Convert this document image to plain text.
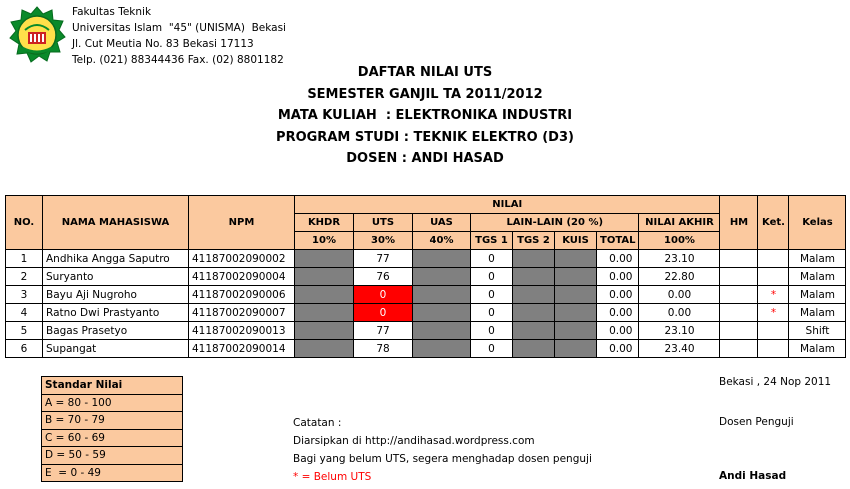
Fakultas Teknik
Universitas Islam  "45" (UNISMA)  Bekasi
Jl. Cut Meutia No. 83 Bekasi 17113
Telp. (021) 88344436 Fax. (02) 8801182
DAFTAR NILAI UTS
SEMESTER GANJIL TA 2011/2012
MATA KULIAH  : ELEKTRONIKA INDUSTRI
PROGRAM STUDI : TEKNIK ELEKTRO (D3)
DOSEN : ANDI HASAD
NO.	NAMA MAHASISWA	NPM	NILAI								HM	Ket.	Kelas
			KHDR	UTS	UAS	LAIN-LAIN (20 %)				NILAI AKHIR			
			10%	30%	40%	TGS 1	TGS 2	KUIS	TOTAL	100%			
1	Andhika Angga Saputro	41187002090002		77		0			0.00	23.10			Malam
2	Suryanto	41187002090004		76		0			0.00	22.80			Malam
3	Bayu Aji Nugroho	41187002090006		0		0			0.00	0.00		*	Malam
4	Ratno Dwi Prastyanto	41187002090007		0		0			0.00	0.00		*	Malam
5	Bagas Prasetyo	41187002090013		77		0			0.00	23.10			Shift
6	Supangat	41187002090014		78		0			0.00	23.40			Malam
Standar Nilai
A = 80 - 100
B = 70 - 79
C = 60 - 69
D = 50 - 59
E  = 0 - 49
Catatan :
Diarsipkan di http://andihasad.wordpress.com
Bagi yang belum UTS, segera menghadap dosen penguji
* = Belum UTS
Bekasi , 24 Nop 2011
Dosen Penguji
Andi Hasad
